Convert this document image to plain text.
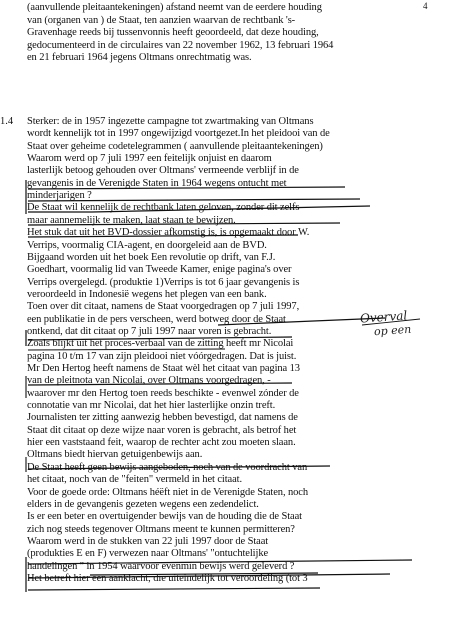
4
1.4
(aanvullende pleitaantekeningen) afstand neemt van de eerdere houding
van (organen van ) de Staat, ten aanzien waarvan de rechtbank 's-
Gravenhage reeds bij tussenvonnis heeft geoordeeld, dat deze houding,
gedocumenteerd in de circulaires van 22 november 1962, 13 februari 1964
en 21 februari 1964 jegens Oltmans onrechtmatig was.
Sterker: de in 1957 ingezette campagne tot zwartmaking van Oltmans
wordt kennelijk tot in 1997 ongewijzigd voortgezet.In het pleidooi van de
Staat over geheime codetelegrammen ( aanvullende pleitaantekeningen)
Waarom werd op 7 juli 1997 een feitelijk onjuist en daarom
lasterlijk betoog gehouden over Oltmans' vermeende verblijf in de
gevangenis in de Verenigde Staten in 1964 wegens ontucht met
minderjarigen ?
De Staat wil kennelijk de rechtbank laten geloven, zonder dit zelfs
maar aannemelijk te maken, laat staan te bewijzen.
Het stuk dat uit het BVD-dossier afkomstig is, is opgemaakt door W.
Verrips, voormalig CIA-agent, en doorgeleid aan de BVD.
Bijgaand worden uit het boek Een revolutie op drift, van F.J.
Goedhart, voormalig lid van Tweede Kamer, enige pagina's over
Verrips overgelegd. (produktie 1)Verrips is tot 6 jaar gevangenis is
veroordeeld in Indonesië wegens het plegen van een bank.
Toen over dit citaat, namens de Staat voorgedragen op 7 juli 1997,
een publikatie in de pers verscheen, werd botweg door de Staat
ontkend, dat dit citaat op 7 juli 1997 naar voren is gebracht.
Zoals blijkt uit het proces-verbaal van de zitting heeft mr Nicolai
pagina 10 t/m 17 van zijn pleidooi niet vóórgedragen. Dat is juist.
Mr Den Hertog heeft namens de Staat wèl het citaat van pagina 13
van de pleitnota van Nicolai, over Oltmans voorgedragen, -
waarover mr den Hertog toen reeds beschikte - evenwel zónder de
connotatie van mr Nicolai, dat het hier lasterlijke onzin treft.
Journalisten ter zitting aanwezig hebben bevestigd, dat namens de
Staat dit citaat op deze wijze naar voren is gebracht, als betrof het
hier een vaststaand feit, waarop de rechter acht zou moeten slaan.
Oltmans biedt hiervan getuigenbewijs aan.
De Staat heeft geen bewijs aangeboden, noch van de voordracht van
het citaat, noch van de "feiten" vermeld in het citaat.
Voor de goede orde: Oltmans héëft niet in de Verenigde Staten, noch
elders in de gevangenis gezeten wegens een zedendelict.
Is er een beter en overtuigender bewijs van de houding die de Staat
zich nog steeds tegenover Oltmans meent te kunnen permitteren?
Waarom werd in de stukken van 22 juli 1997 door de Staat
(produkties E en F) verwezen naar Oltmans' "ontuchtelijke
handelingen " in 1954 waarvoor evenmin bewijs werd geleverd ?
Het betreft hier een aanklacht, die uiteindelijk tot veroordeling (tot 3
Overval
op een
